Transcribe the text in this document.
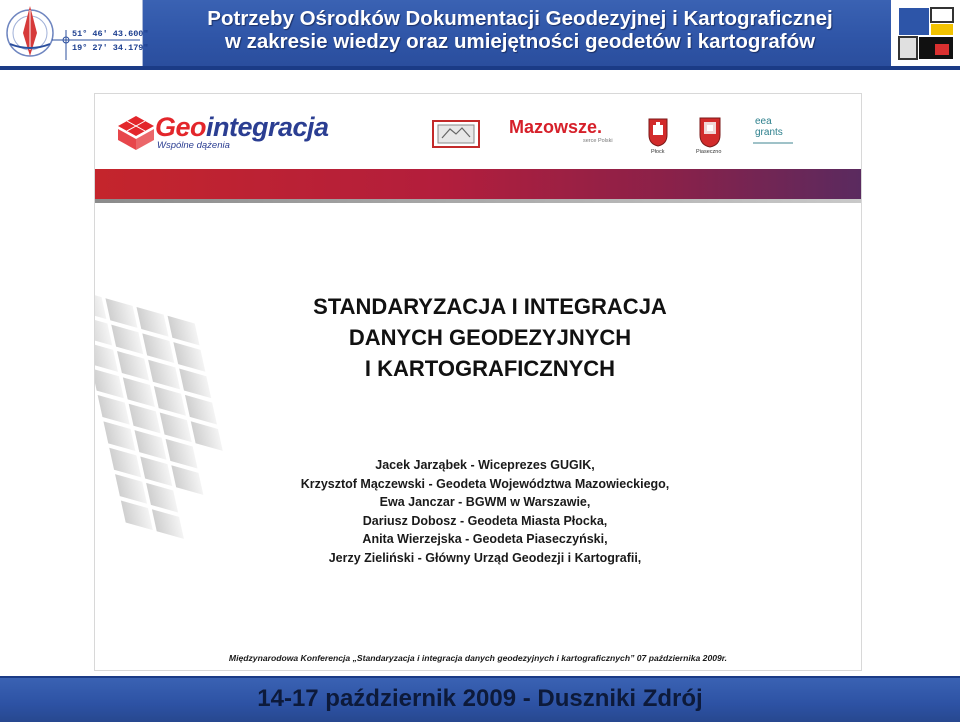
51° 46' 43.600"
19° 27' 34.179"
Potrzeby Ośrodków Dokumentacji Geodezyjnej i Kartograficznej
w zakresie wiedzy oraz umiejętności geodetów i kartografów
Geointegracja
Wspólne dążenia
Mazowsze.
serce Polski
Płock	Piaseczno
eea
grants
STANDARYZACJA I INTEGRACJA
DANYCH GEODEZYJNYCH
I KARTOGRAFICZNYCH
Jacek Jarząbek - Wiceprezes GUGIK,
Krzysztof Mączewski - Geodeta Województwa Mazowieckiego,
Ewa Janczar - BGWM w Warszawie,
Dariusz Dobosz - Geodeta Miasta Płocka,
Anita Wierzejska - Geodeta Piaseczyński,
Jerzy Zieliński - Główny Urząd Geodezji i Kartografii,
Międzynarodowa Konferencja „Standaryzacja i integracja danych geodezyjnych i kartograficznych” 07 października 2009r.
14-17 październik 2009 - Duszniki Zdrój
